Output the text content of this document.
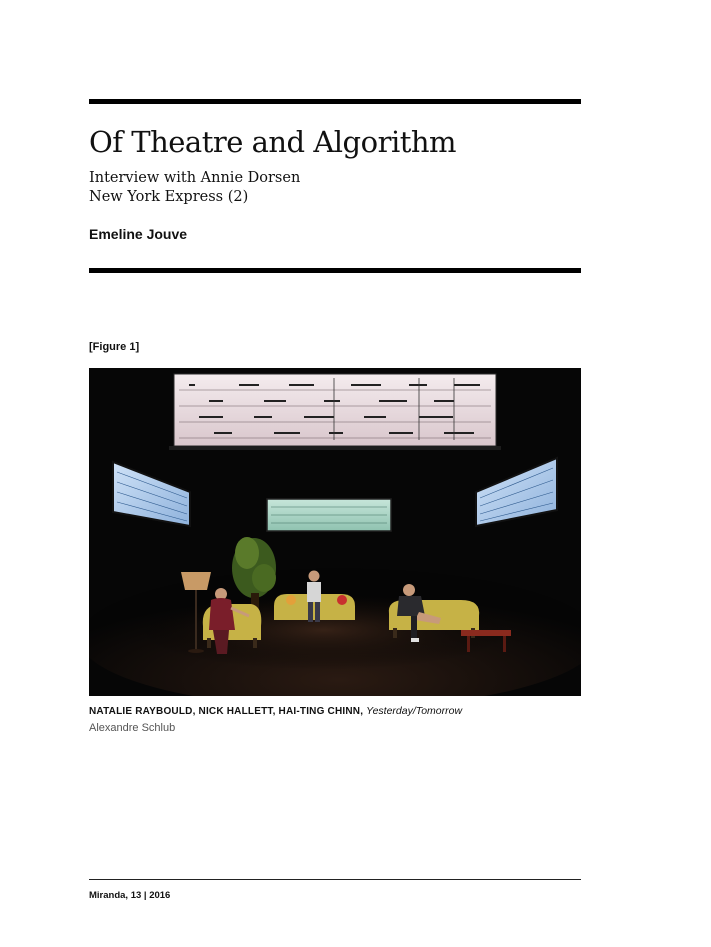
Of Theatre and Algorithm
Interview with Annie Dorsen
New York Express (2)
Emeline Jouve
[Figure 1]
NATALIE RAYBOULD, NICK HALLETT, HAI-TING CHINN, Yesterday/Tomorrow
Alexandre Schlub
Miranda, 13 | 2016
